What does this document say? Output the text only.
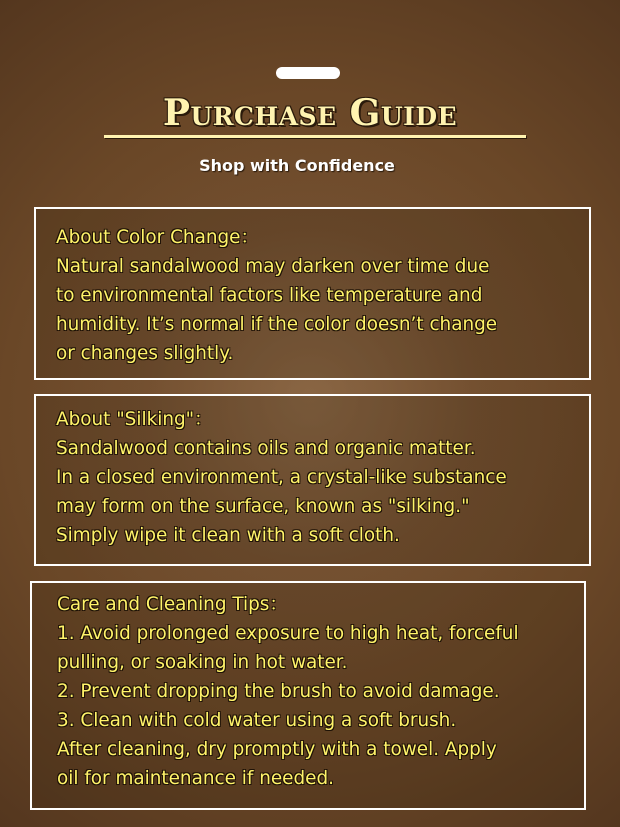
Purchase Guide
Shop with Confidence
About Color Change：
Natural sandalwood may darken over time due
to environmental factors like temperature and
humidity. It’s normal if the color doesn’t change
or changes slightly.
About "Silking"：
Sandalwood contains oils and organic matter.
In a closed environment, a crystal-like substance
may form on the surface, known as "silking."
Simply wipe it clean with a soft cloth.
Care and Cleaning Tips：
1. Avoid prolonged exposure to high heat, forceful
pulling, or soaking in hot water.
2. Prevent dropping the brush to avoid damage.
3. Clean with cold water using a soft brush.
After cleaning, dry promptly with a towel. Apply
oil for maintenance if needed.
